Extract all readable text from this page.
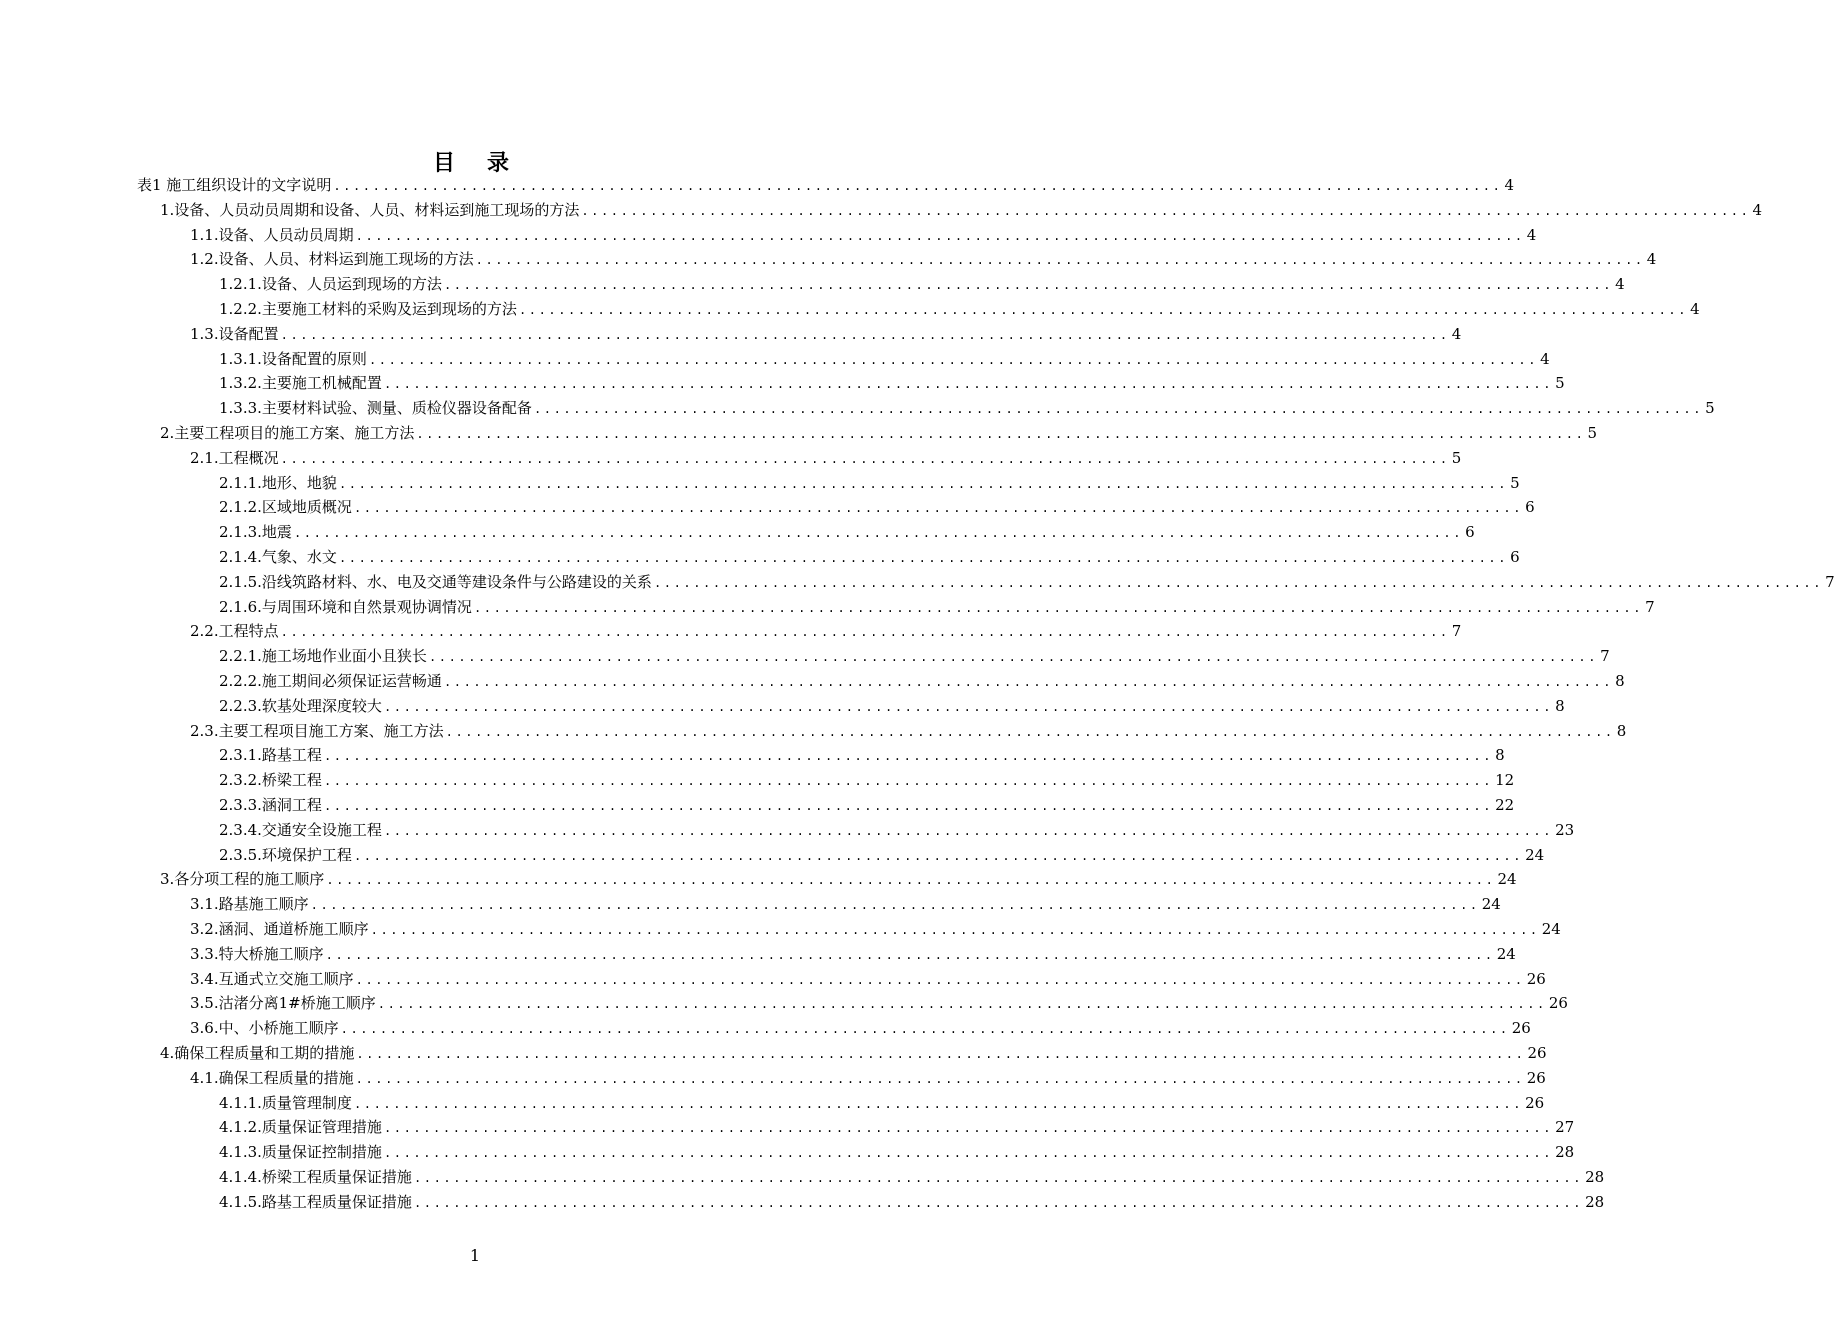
目录
表1 施工组织设计的文字说明 ....................................................................................................................... 4
1.设备、人员动员周期和设备、人员、材料运到施工现场的方法 ....................................................................................................................... 4
1.1.设备、人员动员周期 ....................................................................................................................... 4
1.2.设备、人员、材料运到施工现场的方法 ....................................................................................................................... 4
1.2.1.设备、人员运到现场的方法 ....................................................................................................................... 4
1.2.2.主要施工材料的采购及运到现场的方法 ....................................................................................................................... 4
1.3.设备配置 ....................................................................................................................... 4
1.3.1.设备配置的原则 ....................................................................................................................... 4
1.3.2.主要施工机械配置 ....................................................................................................................... 5
1.3.3.主要材料试验、测量、质检仪器设备配备 ....................................................................................................................... 5
2.主要工程项目的施工方案、施工方法 ....................................................................................................................... 5
2.1.工程概况 ....................................................................................................................... 5
2.1.1.地形、地貌 ....................................................................................................................... 5
2.1.2.区域地质概况 ....................................................................................................................... 6
2.1.3.地震 ....................................................................................................................... 6
2.1.4.气象、水文 ....................................................................................................................... 6
2.1.5.沿线筑路材料、水、电及交通等建设条件与公路建设的关系 ....................................................................................................................... 7
2.1.6.与周围环境和自然景观协调情况 ....................................................................................................................... 7
2.2.工程特点 ....................................................................................................................... 7
2.2.1.施工场地作业面小且狭长 ....................................................................................................................... 7
2.2.2.施工期间必须保证运营畅通 ....................................................................................................................... 8
2.2.3.软基处理深度较大 ....................................................................................................................... 8
2.3.主要工程项目施工方案、施工方法 ....................................................................................................................... 8
2.3.1.路基工程 ....................................................................................................................... 8
2.3.2.桥梁工程 ....................................................................................................................... 12
2.3.3.涵洞工程 ....................................................................................................................... 22
2.3.4.交通安全设施工程 ....................................................................................................................... 23
2.3.5.环境保护工程 ....................................................................................................................... 24
3.各分项工程的施工顺序 ....................................................................................................................... 24
3.1.路基施工顺序 ....................................................................................................................... 24
3.2.涵洞、通道桥施工顺序 ....................................................................................................................... 24
3.3.特大桥施工顺序 ....................................................................................................................... 24
3.4.互通式立交施工顺序 ....................................................................................................................... 26
3.5.沽渚分离1#桥施工顺序 ....................................................................................................................... 26
3.6.中、小桥施工顺序 ....................................................................................................................... 26
4.确保工程质量和工期的措施 ....................................................................................................................... 26
4.1.确保工程质量的措施 ....................................................................................................................... 26
4.1.1.质量管理制度 ....................................................................................................................... 26
4.1.2.质量保证管理措施 ....................................................................................................................... 27
4.1.3.质量保证控制措施 ....................................................................................................................... 28
4.1.4.桥梁工程质量保证措施 ....................................................................................................................... 28
4.1.5.路基工程质量保证措施 ....................................................................................................................... 28
1
